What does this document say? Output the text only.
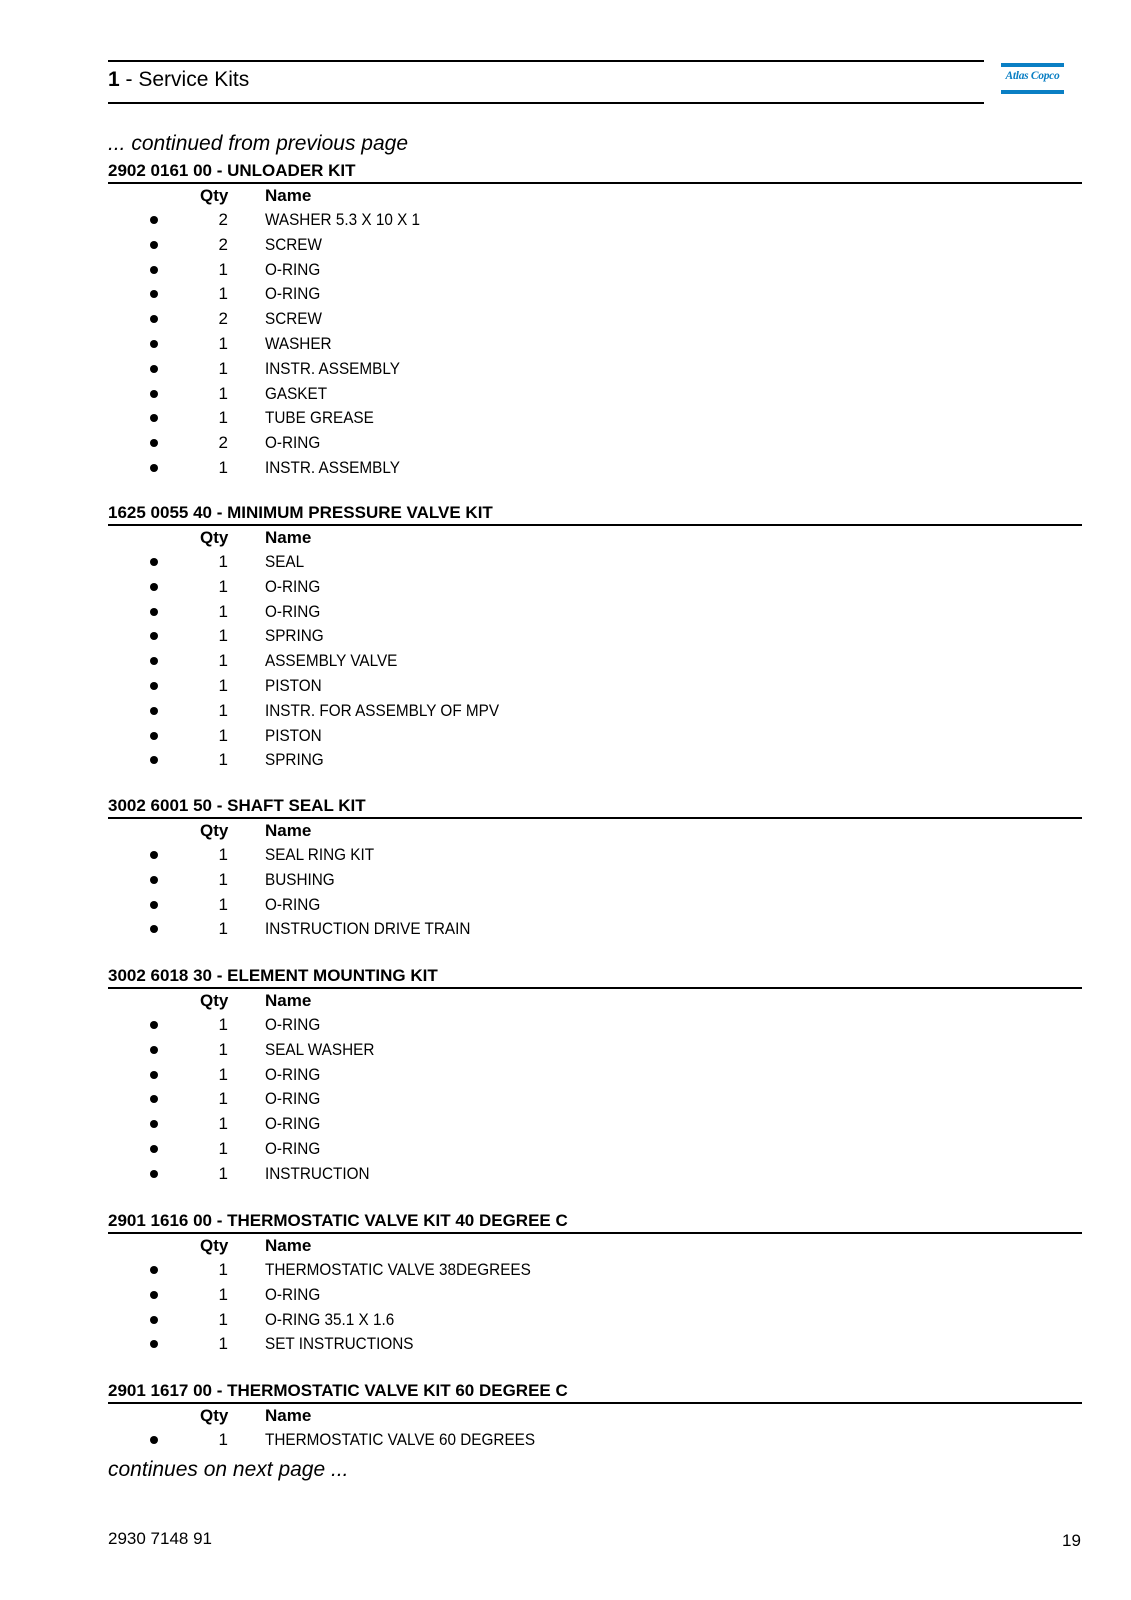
1 - Service Kits	Atlas Copco
... continued from previous page
2902 0161 00 - UNLOADER KIT
Qty Name
2 WASHER 5.3 X 10 X 1
2 SCREW
1 O-RING
1 O-RING
2 SCREW
1 WASHER
1 INSTR. ASSEMBLY
1 GASKET
1 TUBE GREASE
2 O-RING
1 INSTR. ASSEMBLY
1625 0055 40 - MINIMUM PRESSURE VALVE KIT
Qty Name
1 SEAL
1 O-RING
1 O-RING
1 SPRING
1 ASSEMBLY VALVE
1 PISTON
1 INSTR. FOR ASSEMBLY OF MPV
1 PISTON
1 SPRING
3002 6001 50 - SHAFT SEAL KIT
Qty Name
1 SEAL RING KIT
1 BUSHING
1 O-RING
1 INSTRUCTION DRIVE TRAIN
3002 6018 30 - ELEMENT MOUNTING KIT
Qty Name
1 O-RING
1 SEAL WASHER
1 O-RING
1 O-RING
1 O-RING
1 O-RING
1 INSTRUCTION
2901 1616 00 - THERMOSTATIC VALVE KIT 40 DEGREE C
Qty Name
1 THERMOSTATIC VALVE 38DEGREES
1 O-RING
1 O-RING 35.1 X 1.6
1 SET INSTRUCTIONS
2901 1617 00 - THERMOSTATIC VALVE KIT 60 DEGREE C
Qty Name
1 THERMOSTATIC VALVE 60 DEGREES
continues on next page ...
2930 7148 91	19
